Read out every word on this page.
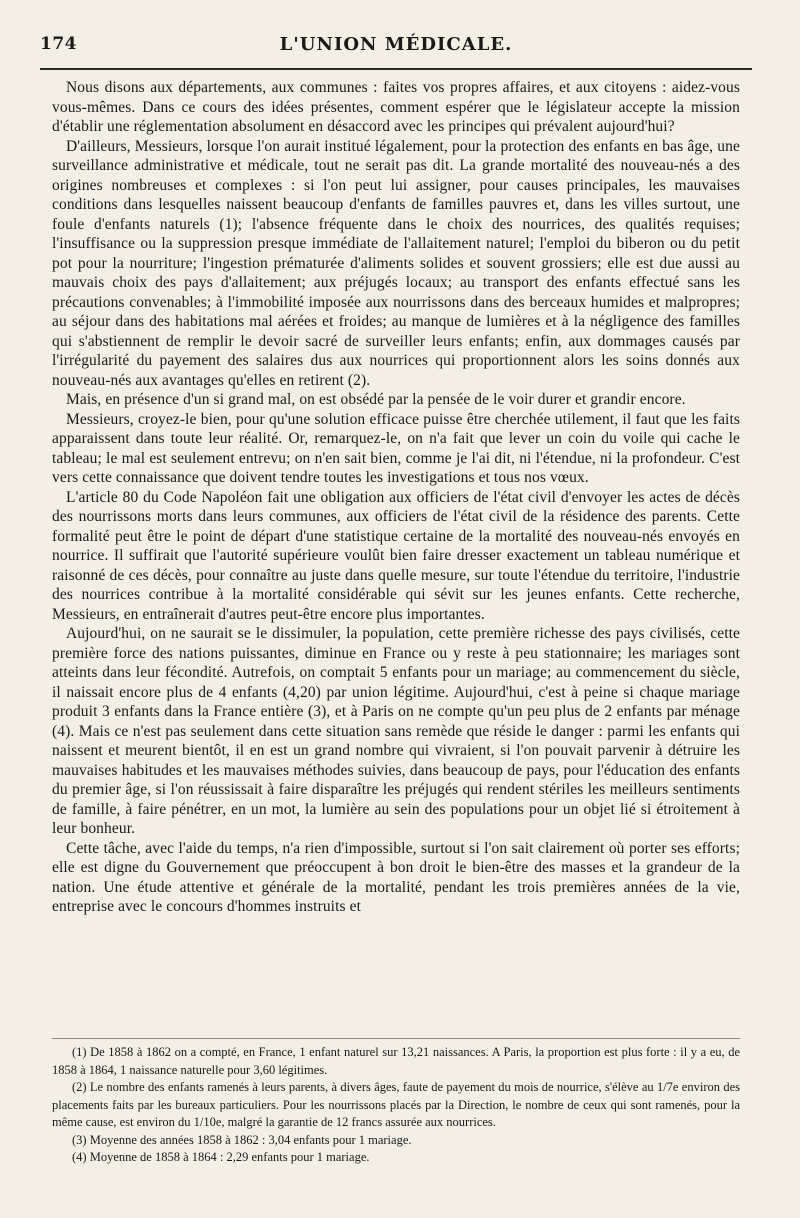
174	L'UNION MÉDICALE.

Nous disons aux départements, aux communes : faites vos propres affaires, et aux citoyens : aidez-vous vous-mêmes. Dans ce cours des idées présentes, comment espérer que le législateur accepte la mission d'établir une réglementation absolument en désaccord avec les principes qui prévalent aujourd'hui?

D'ailleurs, Messieurs, lorsque l'on aurait institué légalement, pour la protection des enfants en bas âge, une surveillance administrative et médicale, tout ne serait pas dit. La grande mortalité des nouveau-nés a des origines nombreuses et complexes : si l'on peut lui assigner, pour causes principales, les mauvaises conditions dans lesquelles naissent beaucoup d'enfants de familles pauvres et, dans les villes surtout, une foule d'enfants naturels (1); l'absence fréquente dans le choix des nourrices, des qualités requises; l'insuffisance ou la suppression presque immédiate de l'allaitement naturel; l'emploi du biberon ou du petit pot pour la nourriture; l'ingestion prématurée d'aliments solides et souvent grossiers; elle est due aussi au mauvais choix des pays d'allaitement; aux préjugés locaux; au transport des enfants effectué sans les précautions convenables; à l'immobilité imposée aux nourrissons dans des berceaux humides et malpropres; au séjour dans des habitations mal aérées et froides; au manque de lumières et à la négligence des familles qui s'abstiennent de remplir le devoir sacré de surveiller leurs enfants; enfin, aux dommages causés par l'irrégularité du payement des salaires dus aux nourrices qui proportionnent alors les soins donnés aux nouveau-nés aux avantages qu'elles en retirent (2).

Mais, en présence d'un si grand mal, on est obsédé par la pensée de le voir durer et grandir encore.

Messieurs, croyez-le bien, pour qu'une solution efficace puisse être cherchée utilement, il faut que les faits apparaissent dans toute leur réalité. Or, remarquez-le, on n'a fait que lever un coin du voile qui cache le tableau; le mal est seulement entrevu; on n'en sait bien, comme je l'ai dit, ni l'étendue, ni la profondeur. C'est vers cette connaissance que doivent tendre toutes les investigations et tous nos vœux.

L'article 80 du Code Napoléon fait une obligation aux officiers de l'état civil d'envoyer les actes de décès des nourrissons morts dans leurs communes, aux officiers de l'état civil de la résidence des parents. Cette formalité peut être le point de départ d'une statistique certaine de la mortalité des nouveau-nés envoyés en nourrice. Il suffirait que l'autorité supérieure voulût bien faire dresser exactement un tableau numérique et raisonné de ces décès, pour connaître au juste dans quelle mesure, sur toute l'étendue du territoire, l'industrie des nourrices contribue à la mortalité considérable qui sévit sur les jeunes enfants. Cette recherche, Messieurs, en entraînerait d'autres peut-être encore plus importantes.

Aujourd'hui, on ne saurait se le dissimuler, la population, cette première richesse des pays civilisés, cette première force des nations puissantes, diminue en France ou y reste à peu stationnaire; les mariages sont atteints dans leur fécondité. Autrefois, on comptait 5 enfants pour un mariage; au commencement du siècle, il naissait encore plus de 4 enfants (4,20) par union légitime. Aujourd'hui, c'est à peine si chaque mariage produit 3 enfants dans la France entière (3), et à Paris on ne compte qu'un peu plus de 2 enfants par ménage (4). Mais ce n'est pas seulement dans cette situation sans remède que réside le danger : parmi les enfants qui naissent et meurent bientôt, il en est un grand nombre qui vivraient, si l'on pouvait parvenir à détruire les mauvaises habitudes et les mauvaises méthodes suivies, dans beaucoup de pays, pour l'éducation des enfants du premier âge, si l'on réussissait à faire disparaître les préjugés qui rendent stériles les meilleurs sentiments de famille, à faire pénétrer, en un mot, la lumière au sein des populations pour un objet lié si étroitement à leur bonheur.

Cette tâche, avec l'aide du temps, n'a rien d'impossible, surtout si l'on sait clairement où porter ses efforts; elle est digne du Gouvernement que préoccupent à bon droit le bien-être des masses et la grandeur de la nation. Une étude attentive et générale de la mortalité, pendant les trois premières années de la vie, entreprise avec le concours d'hommes instruits et

(1) De 1858 à 1862 on a compté, en France, 1 enfant naturel sur 13,21 naissances. A Paris, la proportion est plus forte : il y a eu, de 1858 à 1864, 1 naissance naturelle pour 3,60 légitimes.

(2) Le nombre des enfants ramenés à leurs parents, à divers âges, faute de payement du mois de nourrice, s'élève au 1/7e environ des placements faits par les bureaux particuliers. Pour les nourrissons placés par la Direction, le nombre de ceux qui sont ramenés, pour la même cause, est environ du 1/10e, malgré la garantie de 12 francs assurée aux nourrices.

(3) Moyenne des années 1858 à 1862 : 3,04 enfants pour 1 mariage.

(4) Moyenne de 1858 à 1864 : 2,29 enfants pour 1 mariage.
